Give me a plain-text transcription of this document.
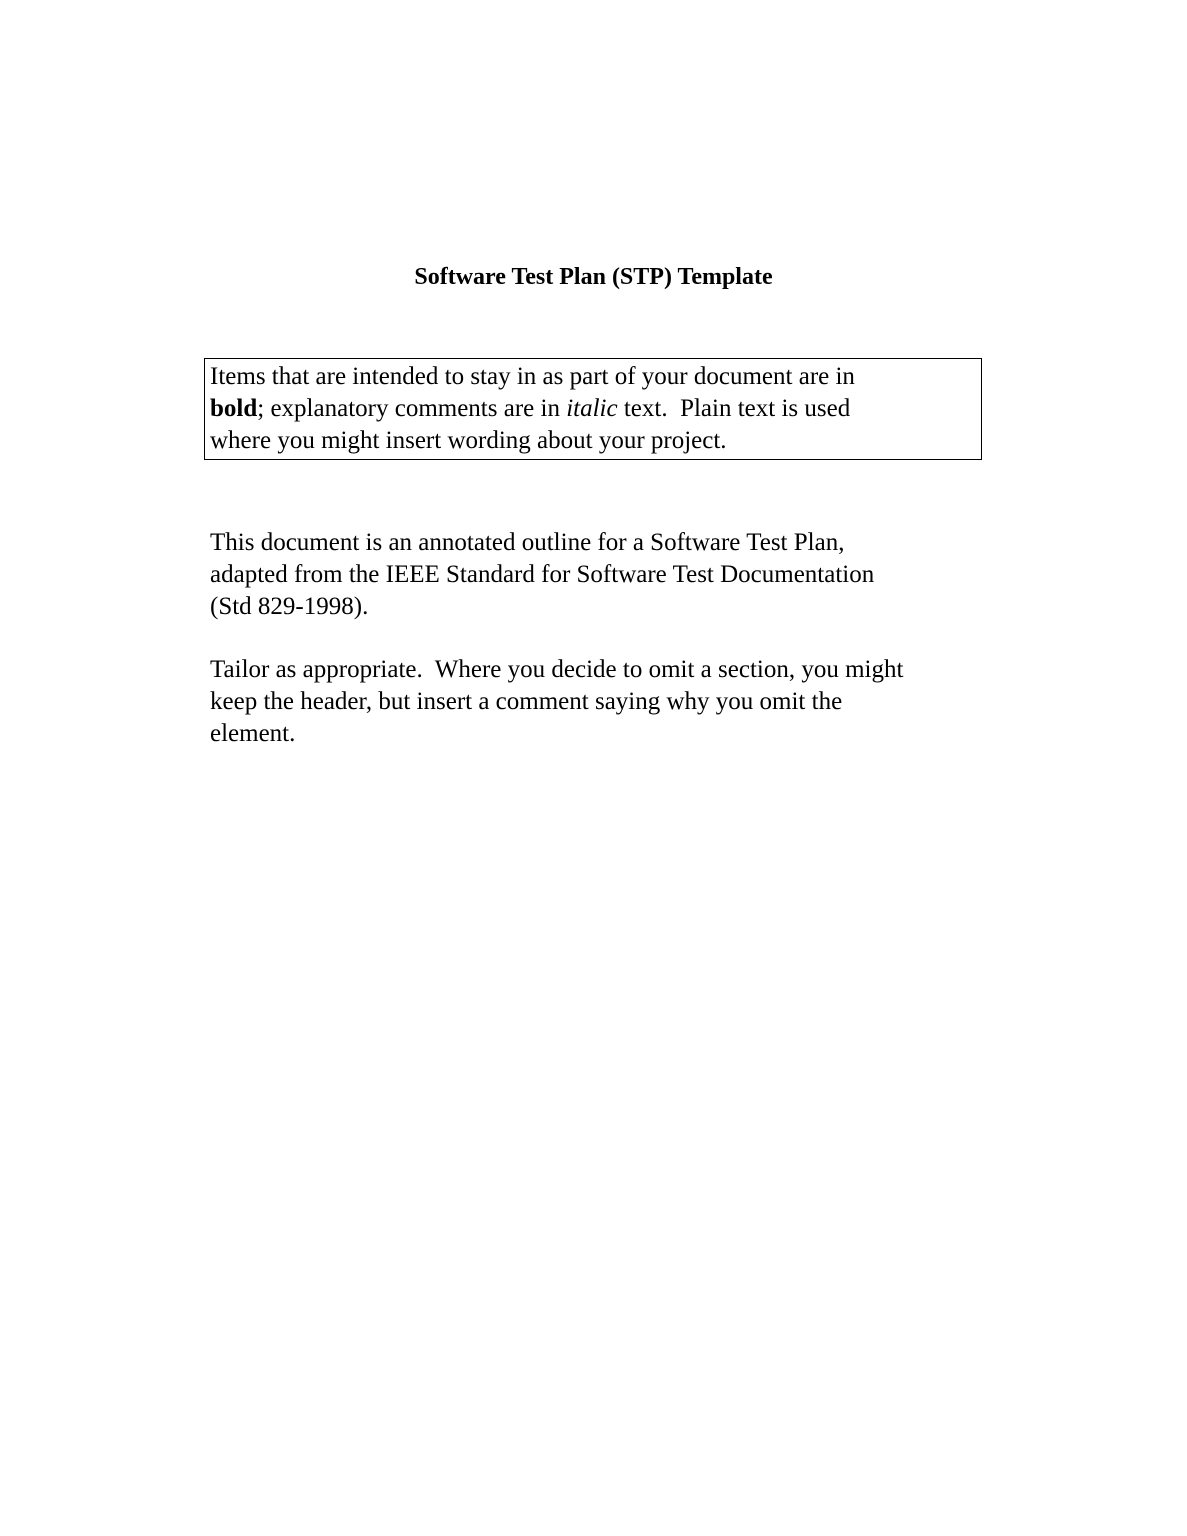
Software Test Plan (STP) Template
Items that are intended to stay in as part of your document are in
bold; explanatory comments are in italic text.  Plain text is used
where you might insert wording about your project.
This document is an annotated outline for a Software Test Plan,
adapted from the IEEE Standard for Software Test Documentation
(Std 829-1998).
Tailor as appropriate.  Where you decide to omit a section, you might
keep the header, but insert a comment saying why you omit the
element.
